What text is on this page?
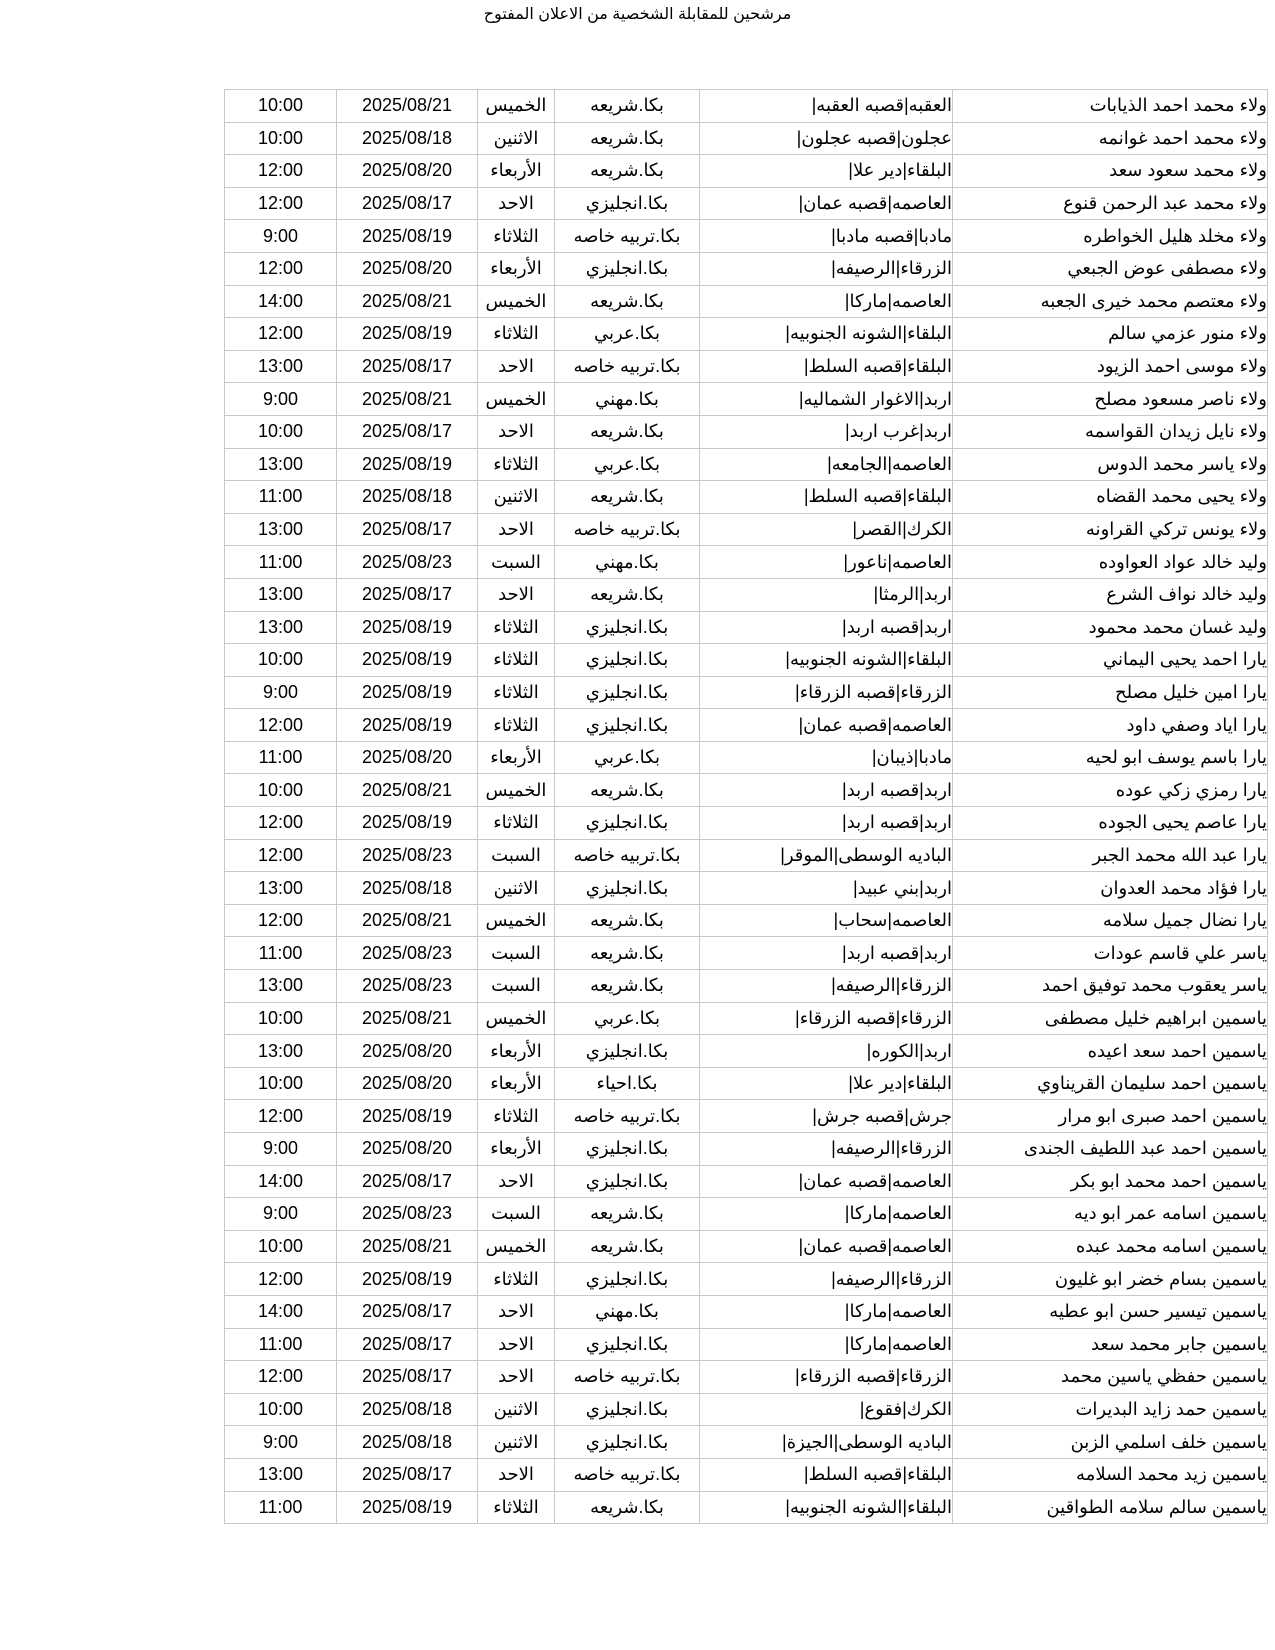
مرشحين للمقابلة الشخصية من الاعلان المفتوح
10:00	2025/08/21	الخميس	بكا.شريعه	العقبه|قصبه العقبه|	ولاء محمد احمد الذيابات
10:00	2025/08/18	الاثنين	بكا.شريعه	عجلون|قصبه عجلون|	ولاء محمد احمد غوانمه
12:00	2025/08/20	الأربعاء	بكا.شريعه	البلقاء|دير علا|	ولاء محمد سعود سعد
12:00	2025/08/17	الاحد	بكا.انجليزي	العاصمه|قصبه عمان|	ولاء محمد عبد الرحمن قنوع
9:00	2025/08/19	الثلاثاء	بكا.تربيه خاصه	مادبا|قصبه مادبا|	ولاء مخلد هليل الخواطره
12:00	2025/08/20	الأربعاء	بكا.انجليزي	الزرقاء|الرصيفه|	ولاء مصطفى عوض الجبعي
14:00	2025/08/21	الخميس	بكا.شريعه	العاصمه|ماركا|	ولاء معتصم محمد خيرى الجعبه
12:00	2025/08/19	الثلاثاء	بكا.عربي	البلقاء|الشونه الجنوبيه|	ولاء منور عزمي سالم
13:00	2025/08/17	الاحد	بكا.تربيه خاصه	البلقاء|قصبه السلط|	ولاء موسى احمد الزيود
9:00	2025/08/21	الخميس	بكا.مهني	اربد|الاغوار الشماليه|	ولاء ناصر مسعود مصلح
10:00	2025/08/17	الاحد	بكا.شريعه	اربد|غرب اربد|	ولاء نايل زيدان القواسمه
13:00	2025/08/19	الثلاثاء	بكا.عربي	العاصمه|الجامعه|	ولاء ياسر محمد الدوس
11:00	2025/08/18	الاثنين	بكا.شريعه	البلقاء|قصبه السلط|	ولاء يحيى محمد القضاه
13:00	2025/08/17	الاحد	بكا.تربيه خاصه	الكرك|القصر|	ولاء يونس تركي القراونه
11:00	2025/08/23	السبت	بكا.مهني	العاصمه|ناعور|	وليد خالد عواد العواوده
13:00	2025/08/17	الاحد	بكا.شريعه	اربد|الرمثا|	وليد خالد نواف الشرع
13:00	2025/08/19	الثلاثاء	بكا.انجليزي	اربد|قصبه اربد|	وليد غسان محمد محمود
10:00	2025/08/19	الثلاثاء	بكا.انجليزي	البلقاء|الشونه الجنوبيه|	يارا احمد يحيى اليماني
9:00	2025/08/19	الثلاثاء	بكا.انجليزي	الزرقاء|قصبه الزرقاء|	يارا امين خليل مصلح
12:00	2025/08/19	الثلاثاء	بكا.انجليزي	العاصمه|قصبه عمان|	يارا اياد وصفي داود
11:00	2025/08/20	الأربعاء	بكا.عربي	مادبا|ذيبان|	يارا باسم يوسف ابو لحيه
10:00	2025/08/21	الخميس	بكا.شريعه	اربد|قصبه اربد|	يارا رمزي زكي عوده
12:00	2025/08/19	الثلاثاء	بكا.انجليزي	اربد|قصبه اربد|	يارا عاصم يحيى الجوده
12:00	2025/08/23	السبت	بكا.تربيه خاصه	الباديه الوسطى|الموقر|	يارا عبد الله محمد الجبر
13:00	2025/08/18	الاثنين	بكا.انجليزي	اربد|بني عبيد|	يارا فؤاد محمد العدوان
12:00	2025/08/21	الخميس	بكا.شريعه	العاصمه|سحاب|	يارا نضال جميل سلامه
11:00	2025/08/23	السبت	بكا.شريعه	اربد|قصبه اربد|	ياسر علي قاسم عودات
13:00	2025/08/23	السبت	بكا.شريعه	الزرقاء|الرصيفه|	ياسر يعقوب محمد توفيق احمد
10:00	2025/08/21	الخميس	بكا.عربي	الزرقاء|قصبه الزرقاء|	ياسمين ابراهيم خليل مصطفى
13:00	2025/08/20	الأربعاء	بكا.انجليزي	اربد|الكوره|	ياسمين احمد سعد اعيده
10:00	2025/08/20	الأربعاء	بكا.احياء	البلقاء|دير علا|	ياسمين احمد سليمان القريناوي
12:00	2025/08/19	الثلاثاء	بكا.تربيه خاصه	جرش|قصبه جرش|	ياسمين احمد صبرى ابو مرار
9:00	2025/08/20	الأربعاء	بكا.انجليزي	الزرقاء|الرصيفه|	ياسمين احمد عبد اللطيف الجندى
14:00	2025/08/17	الاحد	بكا.انجليزي	العاصمه|قصبه عمان|	ياسمين احمد محمد ابو بكر
9:00	2025/08/23	السبت	بكا.شريعه	العاصمه|ماركا|	ياسمين اسامه عمر ابو ديه
10:00	2025/08/21	الخميس	بكا.شريعه	العاصمه|قصبه عمان|	ياسمين اسامه محمد عبده
12:00	2025/08/19	الثلاثاء	بكا.انجليزي	الزرقاء|الرصيفه|	ياسمين بسام خضر ابو غليون
14:00	2025/08/17	الاحد	بكا.مهني	العاصمه|ماركا|	ياسمين تيسير حسن ابو عطيه
11:00	2025/08/17	الاحد	بكا.انجليزي	العاصمه|ماركا|	ياسمين جابر محمد سعد
12:00	2025/08/17	الاحد	بكا.تربيه خاصه	الزرقاء|قصبه الزرقاء|	ياسمين حفظي ياسين محمد
10:00	2025/08/18	الاثنين	بكا.انجليزي	الكرك|فقوع|	ياسمين حمد زايد البديرات
9:00	2025/08/18	الاثنين	بكا.انجليزي	الباديه الوسطى|الجيزة|	ياسمين خلف اسلمي الزبن
13:00	2025/08/17	الاحد	بكا.تربيه خاصه	البلقاء|قصبه السلط|	ياسمين زيد محمد السلامه
11:00	2025/08/19	الثلاثاء	بكا.شريعه	البلقاء|الشونه الجنوبيه|	ياسمين سالم سلامه الطواقين
